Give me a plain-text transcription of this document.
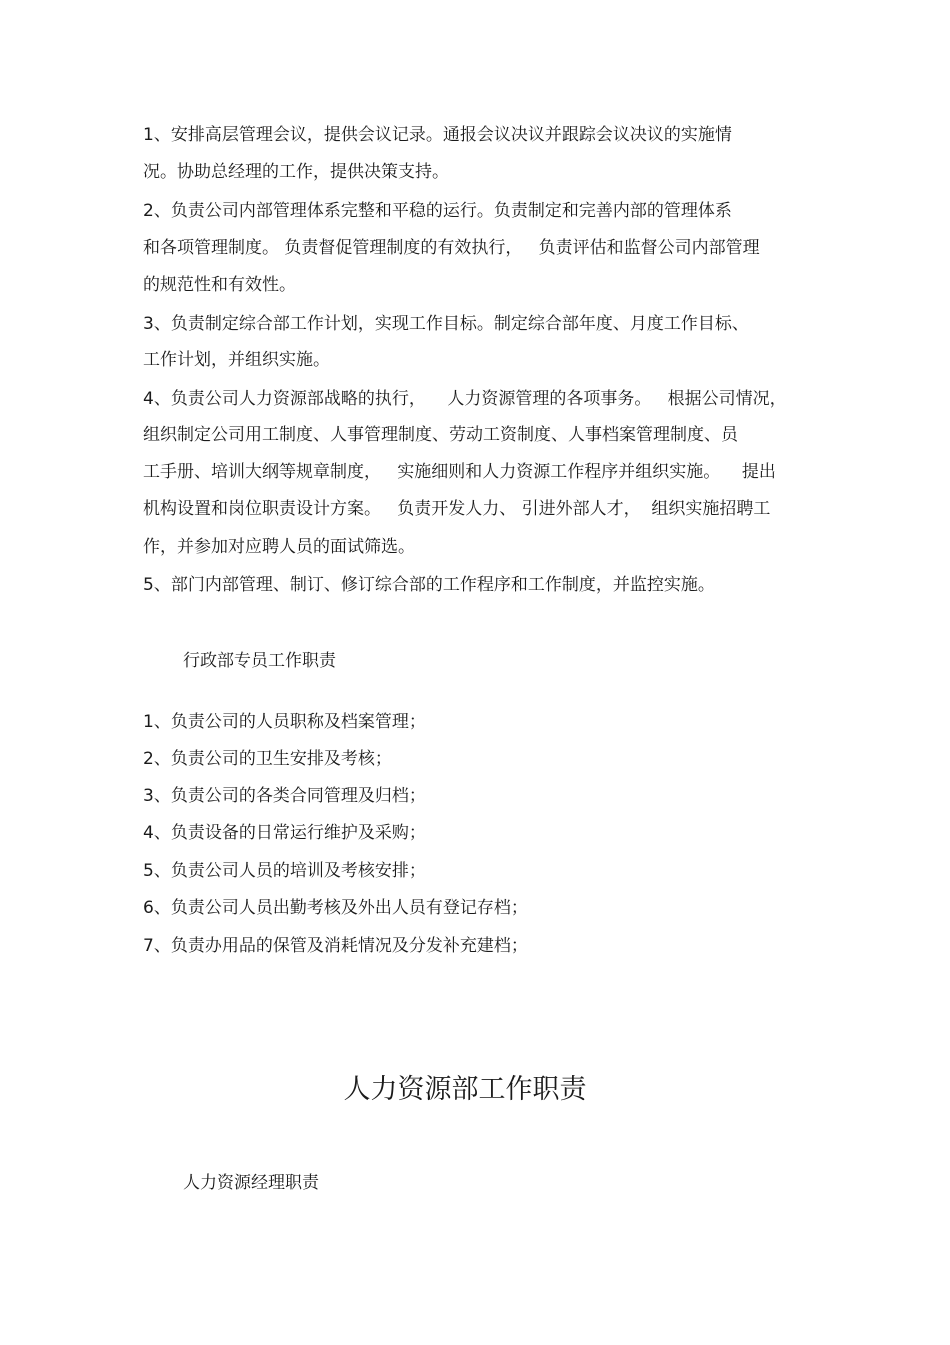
1、安排高层管理会议，提供会议记录。通报会议决议并跟踪会议决议的实施情
况。协助总经理的工作，提供决策支持。
2、负责公司内部管理体系完整和平稳的运行。负责制定和完善内部的管理体系
和各项管理制度。 负责督促管理制度的有效执行，   负责评估和监督公司内部管理
的规范性和有效性。
3、负责制定综合部工作计划，实现工作目标。制定综合部年度、月度工作目标、
工作计划，并组织实施。
4、负责公司人力资源部战略的执行，    人力资源管理的各项事务。   根据公司情况，
组织制定公司用工制度、人事管理制度、劳动工资制度、人事档案管理制度、员
工手册、培训大纲等规章制度，   实施细则和人力资源工作程序并组织实施。    提出
机构设置和岗位职责设计方案。   负责开发人力、 引进外部人才，  组织实施招聘工
作，并参加对应聘人员的面试筛选。
5、部门内部管理、制订、修订综合部的工作程序和工作制度，并监控实施。
行政部专员工作职责
1、负责公司的人员职称及档案管理；
2、负责公司的卫生安排及考核；
3、负责公司的各类合同管理及归档；
4、负责设备的日常运行维护及采购；
5、负责公司人员的培训及考核安排；
6、负责公司人员出勤考核及外出人员有登记存档；
7、负责办用品的保管及消耗情况及分发补充建档；
人力资源部工作职责
人力资源经理职责
